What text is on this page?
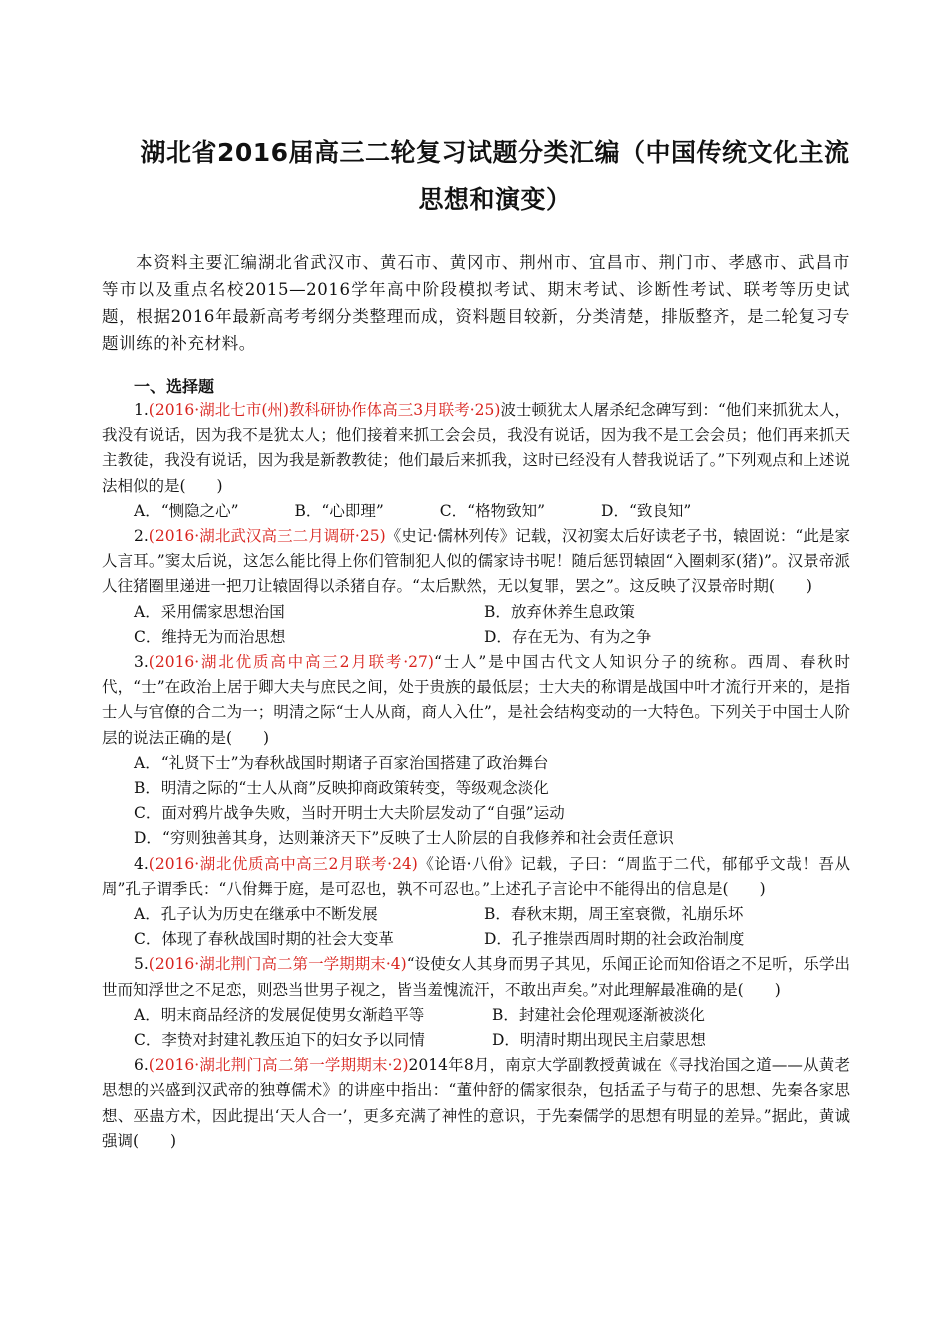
湖北省2016届高三二轮复习试题分类汇编（中国传统文化主流
思想和演变）
本资料主要汇编湖北省武汉市、黄石市、黄冈市、荆州市、宜昌市、荆门市、孝感市、武昌市等市以及重点名校2015—2016学年高中阶段模拟考试、期末考试、诊断性考试、联考等历史试题，根据2016年最新高考考纲分类整理而成，资料题目较新，分类清楚，排版整齐，是二轮复习专题训练的补充材料。
一、选择题

1.(2016·湖北七市(州)教科研协作体高三3月联考·25)波士顿犹太人屠杀纪念碑写到：“他们来抓犹太人，我没有说话，因为我不是犹太人；他们接着来抓工会会员，我没有说话，因为我不是工会会员；他们再来抓天主教徒，我没有说话，因为我是新教教徒；他们最后来抓我，这时已经没有人替我说话了。”下列观点和上述说法相似的是(　　)

A．“恻隐之心”	B．“心即理”	C．“格物致知”	D．“致良知”

2.(2016·湖北武汉高三二月调研·25)《史记·儒林列传》记载，汉初窦太后好读老子书，辕固说：“此是家人言耳。”窦太后说，这怎么能比得上你们管制犯人似的儒家诗书呢！随后惩罚辕固“入圈刺豕(猪)”。汉景帝派人往猪圈里递进一把刀让辕固得以杀猪自存。“太后默然，无以复罪，罢之”。这反映了汉景帝时期(　　)

A．采用儒家思想治国	B．放弃休养生息政策
C．维持无为而治思想	D．存在无为、有为之争

3.(2016·湖北优质高中高三2月联考·27)“士人”是中国古代文人知识分子的统称。西周、春秋时代，“士”在政治上居于卿大夫与庶民之间，处于贵族的最低层；士大夫的称谓是战国中叶才流行开来的，是指士人与官僚的合二为一；明清之际“士人从商，商人入仕”，是社会结构变动的一大特色。下列关于中国士人阶层的说法正确的是(　　)

A．“礼贤下士”为春秋战国时期诸子百家治国搭建了政治舞台
B．明清之际的“士人从商”反映抑商政策转变，等级观念淡化
C．面对鸦片战争失败，当时开明士大夫阶层发动了“自强”运动
D．“穷则独善其身，达则兼济天下”反映了士人阶层的自我修养和社会责任意识

4.(2016·湖北优质高中高三2月联考·24)《论语·八佾》记载，子曰：“周监于二代，郁郁乎文哉！吾从周”孔子谓季氏：“八佾舞于庭，是可忍也，孰不可忍也。”上述孔子言论中不能得出的信息是(　　)

A．孔子认为历史在继承中不断发展	B．春秋末期，周王室衰微，礼崩乐坏
C．体现了春秋战国时期的社会大变革	D．孔子推崇西周时期的社会政治制度

5.(2016·湖北荆门高二第一学期期末·4)“设使女人其身而男子其见，乐闻正论而知俗语之不足听，乐学出世而知浮世之不足恋，则恐当世男子视之，皆当羞愧流汗，不敢出声矣。”对此理解最准确的是(　　)

A．明末商品经济的发展促使男女渐趋平等	B．封建社会伦理观逐渐被淡化
C．李贽对封建礼教压迫下的妇女予以同情	D．明清时期出现民主启蒙思想

6.(2016·湖北荆门高二第一学期期末·2)2014年8月，南京大学副教授黄诚在《寻找治国之道——从黄老思想的兴盛到汉武帝的独尊儒术》的讲座中指出：“董仲舒的儒家很杂，包括孟子与荀子的思想、先秦各家思想、巫蛊方术，因此提出‘天人合一’，更多充满了神性的意识，于先秦儒学的思想有明显的差异。”据此，黄诚强调(　　)
